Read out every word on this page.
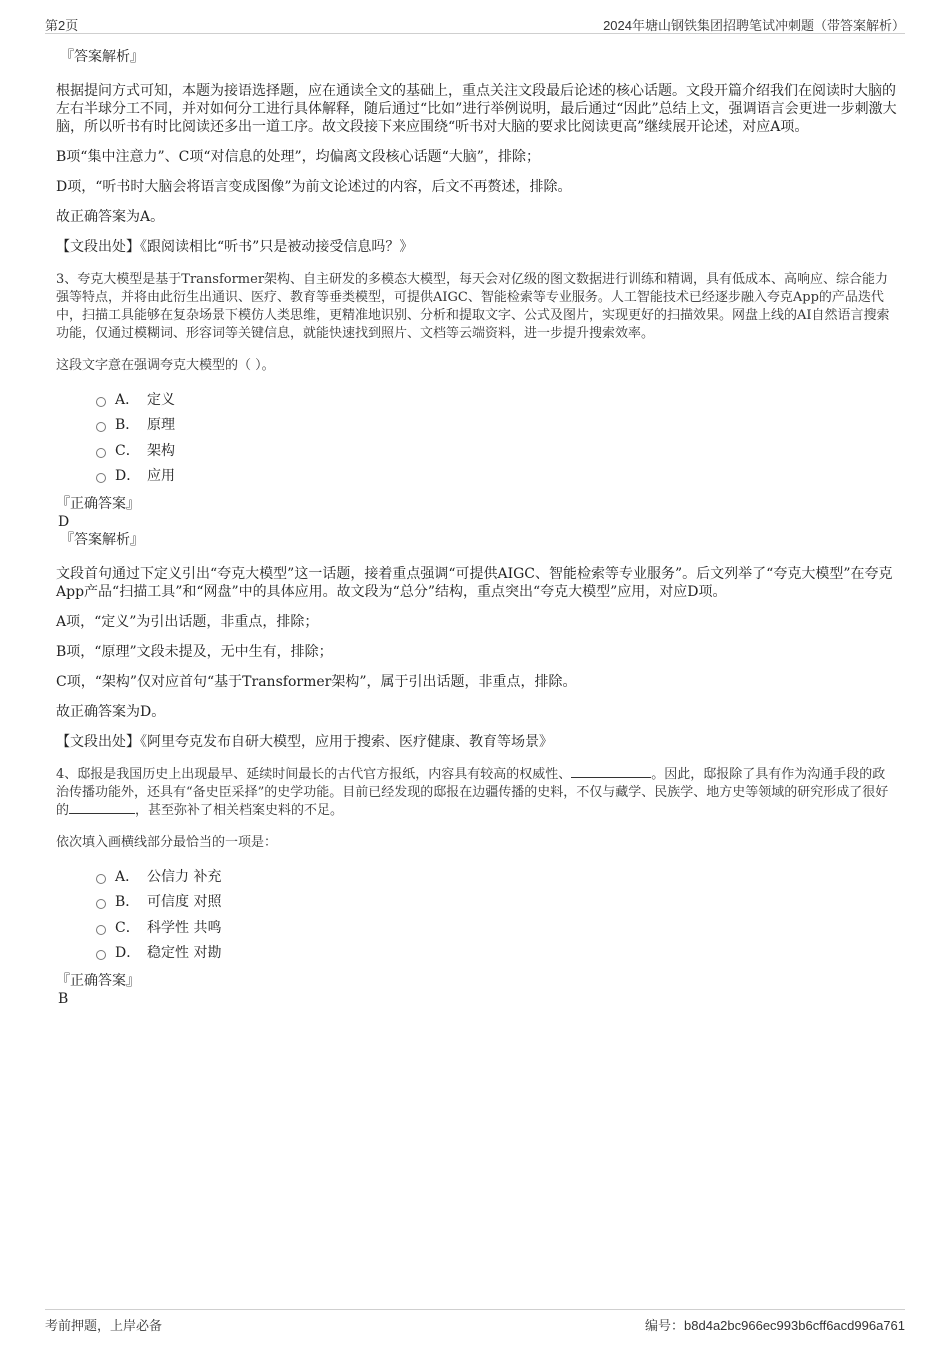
第2页	2024年塘山钢铁集团招聘笔试冲刺题（带答案解析）
『答案解析』
根据提问方式可知，本题为接语选择题，应在通读全文的基础上，重点关注文段最后论述的核心话题。文段开篇介绍我们在阅读时大脑的左右半球分工不同，并对如何分工进行具体解释，随后通过“比如”进行举例说明，最后通过“因此”总结上文，强调语言会更进一步刺激大脑，所以听书有时比阅读还多出一道工序。故文段接下来应围绕“听书对大脑的要求比阅读更高”继续展开论述，对应A项。
B项“集中注意力”、C项“对信息的处理”，均偏离文段核心话题“大脑”，排除；
D项，“听书时大脑会将语言变成图像”为前文论述过的内容，后文不再赘述，排除。
故正确答案为A。
【文段出处】《跟阅读相比“听书”只是被动接受信息吗？》
3、夸克大模型是基于Transformer架构、自主研发的多模态大模型，每天会对亿级的图文数据进行训练和精调，具有低成本、高响应、综合能力强等特点，并将由此衍生出通识、医疗、教育等垂类模型，可提供AIGC、智能检索等专业服务。人工智能技术已经逐步融入夸克App的产品迭代中，扫描工具能够在复杂场景下模仿人类思维，更精准地识别、分析和提取文字、公式及图片，实现更好的扫描效果。网盘上线的AI自然语言搜索功能，仅通过模糊词、形容词等关键信息，就能快速找到照片、文档等云端资料，进一步提升搜索效率。
这段文字意在强调夸克大模型的（ ）。
A． 定义
B． 原理
C． 架构
D． 应用
『正确答案』
D
『答案解析』
文段首句通过下定义引出“夸克大模型”这一话题，接着重点强调“可提供AIGC、智能检索等专业服务”。后文列举了“夸克大模型”在夸克App产品“扫描工具”和“网盘”中的具体应用。故文段为“总分”结构，重点突出“夸克大模型”应用，对应D项。
A项，“定义”为引出话题，非重点，排除；
B项，“原理”文段未提及，无中生有，排除；
C项，“架构”仅对应首句“基于Transformer架构”，属于引出话题，非重点，排除。
故正确答案为D。
【文段出处】《阿里夸克发布自研大模型，应用于搜索、医疗健康、教育等场景》
4、邸报是我国历史上出现最早、延续时间最长的古代官方报纸，内容具有较高的权威性、	。因此，邸报除了具有作为沟通手段的政治传播功能外，还具有“备史臣采择”的史学功能。目前已经发现的邸报在边疆传播的史料，不仅与藏学、民族学、地方史等领域的研究形成了很好的	，甚至弥补了相关档案史料的不足。
依次填入画横线部分最恰当的一项是：
A． 公信力 补充
B． 可信度 对照
C． 科学性 共鸣
D． 稳定性 对勘
『正确答案』
B
考前押题，上岸必备	编号：b8d4a2bc966ec993b6cff6acd996a761
